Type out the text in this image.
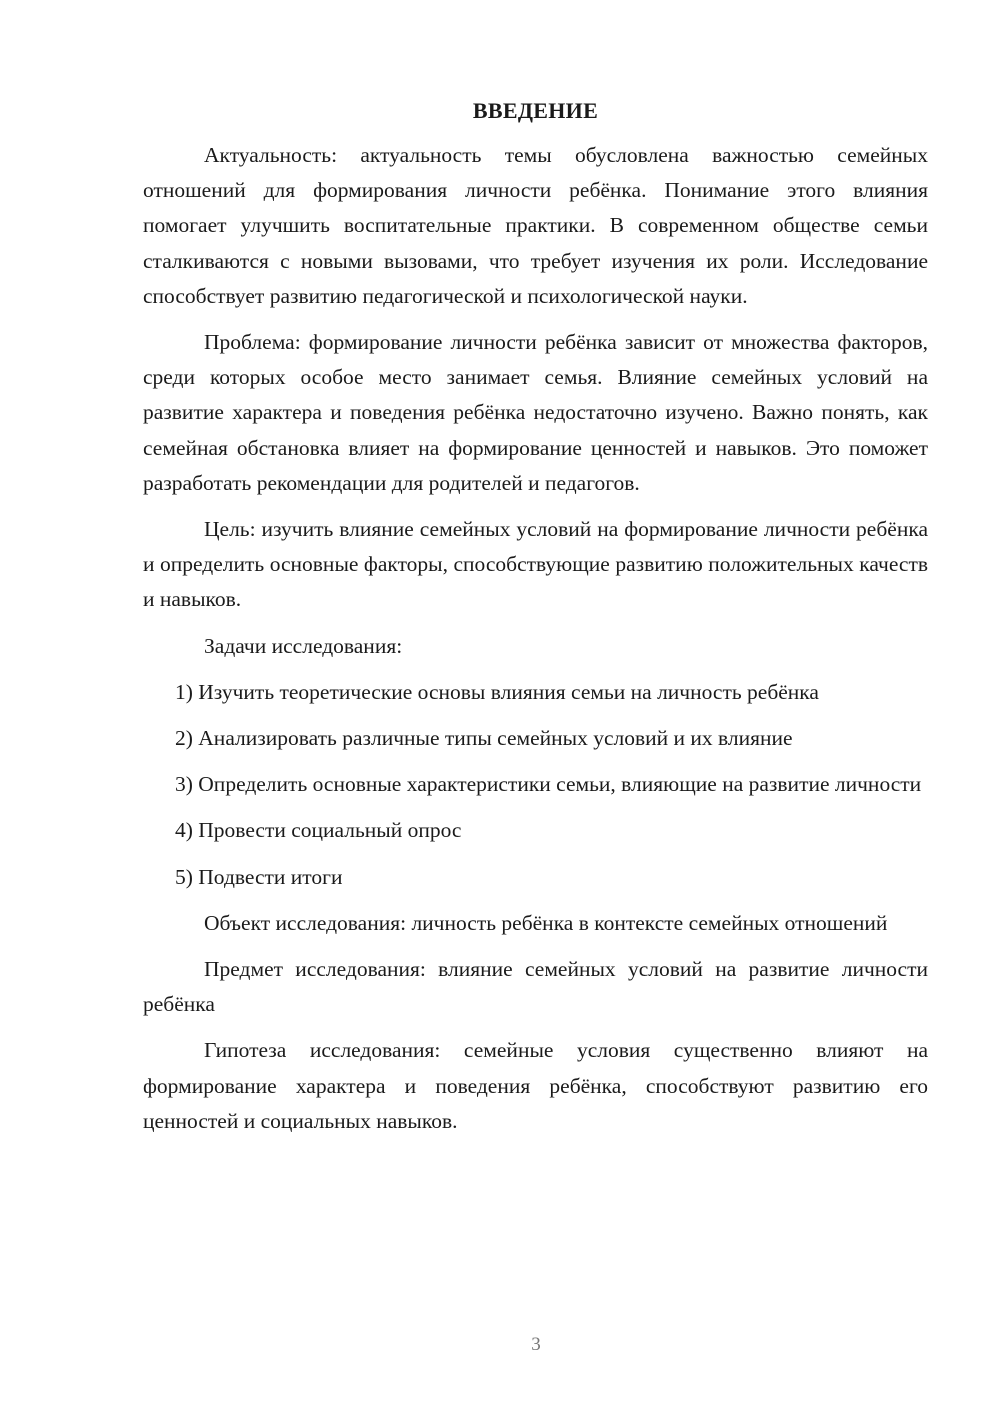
ВВЕДЕНИЕ

Актуальность: актуальность темы обусловлена важностью семейных отношений для формирования личности ребёнка. Понимание этого влияния помогает улучшить воспитательные практики. В современном обществе семьи сталкиваются с новыми вызовами, что требует изучения их роли. Исследование способствует развитию педагогической и психологической науки.

Проблема: формирование личности ребёнка зависит от множества факторов, среди которых особое место занимает семья. Влияние семейных условий на развитие характера и поведения ребёнка недостаточно изучено. Важно понять, как семейная обстановка влияет на формирование ценностей и навыков. Это поможет разработать рекомендации для родителей и педагогов.

Цель: изучить влияние семейных условий на формирование личности ребёнка и определить основные факторы, способствующие развитию положительных качеств и навыков.

Задачи исследования:

1) Изучить теоретические основы влияния семьи на личность ребёнка

2) Анализировать различные типы семейных условий и их влияние

3) Определить основные характеристики семьи, влияющие на развитие личности

4) Провести социальный опрос

5) Подвести итоги

Объект исследования: личность ребёнка в контексте семейных отношений

Предмет исследования: влияние семейных условий на развитие личности ребёнка

Гипотеза исследования: семейные условия существенно влияют на формирование характера и поведения ребёнка, способствуют развитию его ценностей и социальных навыков.

3
